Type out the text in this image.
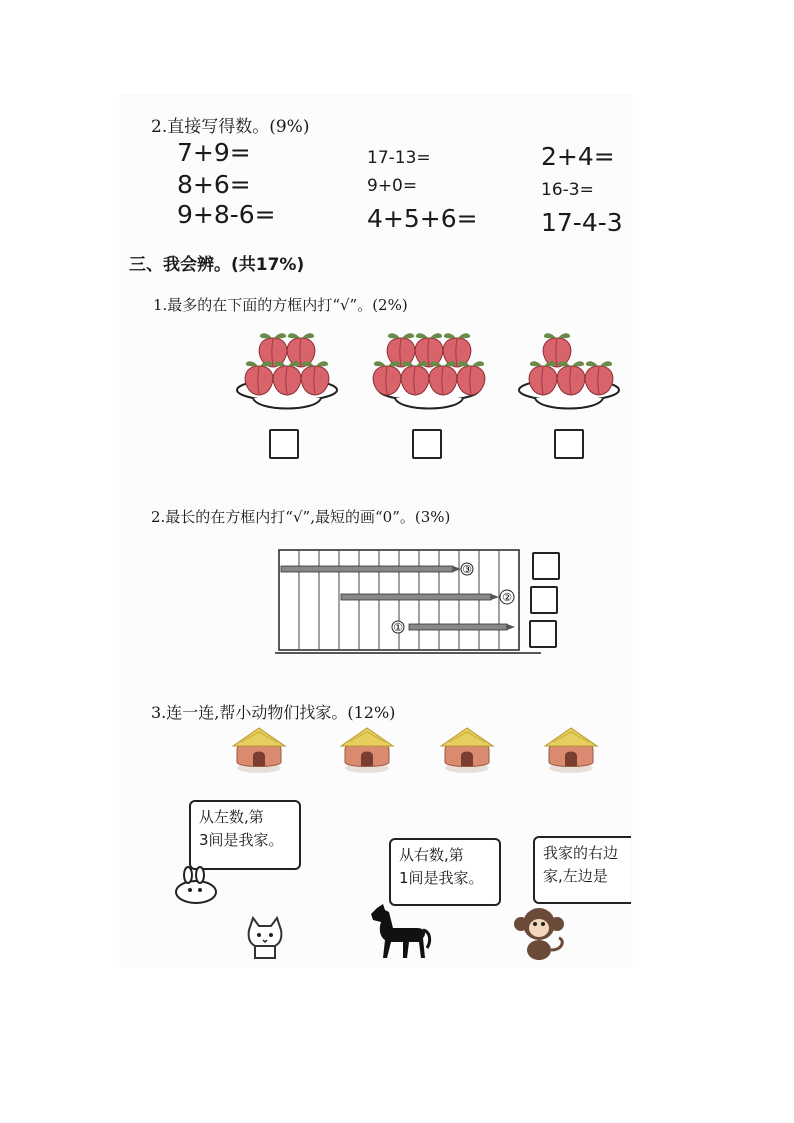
2.直接写得数。(9%)
7+9=	17-13=	2+4=
8+6=	9+0=	16-3=
9+8-6=	4+5+6=	17-4-3
三、我会辨。(共17%)
1.最多的在下面的方框内打“√”。(2%)
2.最长的在方框内打“√”,最短的画“0”。(3%)
③
②
①
3.连一连,帮小动物们找家。(12%)
从左数,第
3间是我家。
从右数,第
1间是我家。
我家的右边
家,左边是
